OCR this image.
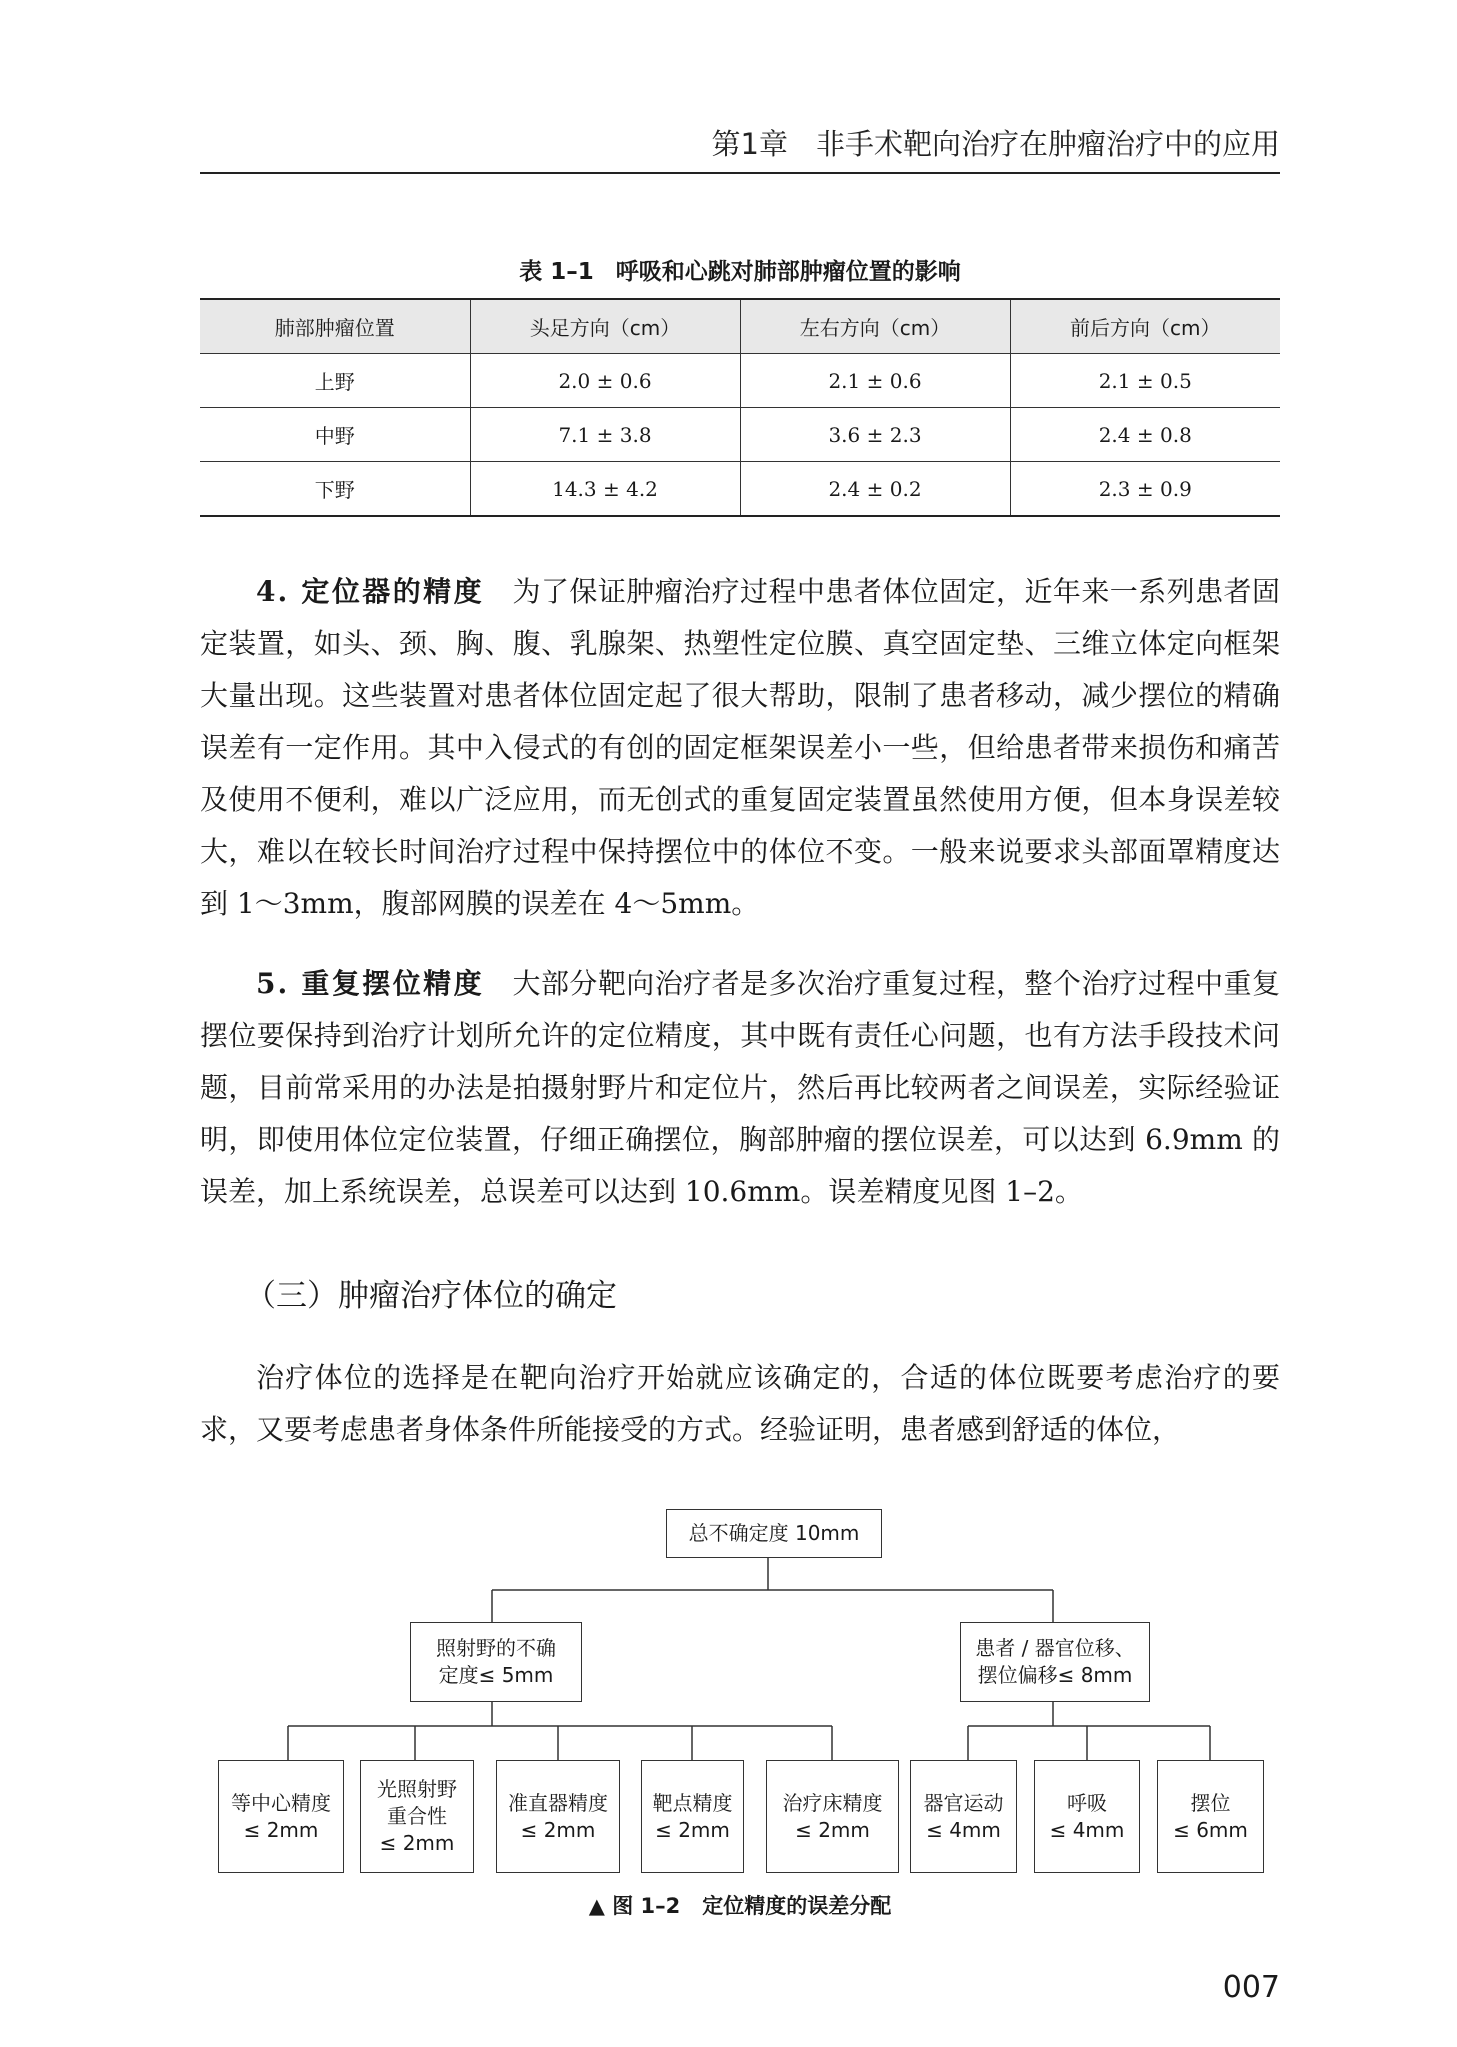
第1章 非手术靶向治疗在肿瘤治疗中的应用
表 1–1 呼吸和心跳对肺部肿瘤位置的影响
肺部肿瘤位置	头足方向（cm）	左右方向（cm）	前后方向（cm）
上野	2.0 ± 0.6	2.1 ± 0.6	2.1 ± 0.5
中野	7.1 ± 3.8	3.6 ± 2.3	2.4 ± 0.8
下野	14.3 ± 4.2	2.4 ± 0.2	2.3 ± 0.9

4. 定位器的精度 为了保证肿瘤治疗过程中患者体位固定，近年来一系列患者固定装置，如头、颈、胸、腹、乳腺架、热塑性定位膜、真空固定垫、三维立体定向框架大量出现。这些装置对患者体位固定起了很大帮助，限制了患者移动，减少摆位的精确误差有一定作用。其中入侵式的有创的固定框架误差小一些，但给患者带来损伤和痛苦及使用不便利，难以广泛应用，而无创式的重复固定装置虽然使用方便，但本身误差较大，难以在较长时间治疗过程中保持摆位中的体位不变。一般来说要求头部面罩精度达到 1～3mm，腹部网膜的误差在 4～5mm。

5. 重复摆位精度 大部分靶向治疗者是多次治疗重复过程，整个治疗过程中重复摆位要保持到治疗计划所允许的定位精度，其中既有责任心问题，也有方法手段技术问题，目前常采用的办法是拍摄射野片和定位片，然后再比较两者之间误差，实际经验证明，即使用体位定位装置，仔细正确摆位，胸部肿瘤的摆位误差，可以达到 6.9mm 的误差，加上系统误差，总误差可以达到 10.6mm。误差精度见图 1–2。

（三）肿瘤治疗体位的确定

治疗体位的选择是在靶向治疗开始就应该确定的，合适的体位既要考虑治疗的要求，又要考虑患者身体条件所能接受的方式。经验证明，患者感到舒适的体位，

总不确定度 10mm
照射野的不确
定度≤ 5mm
患者 / 器官位移、
摆位偏移≤ 8mm
等中心精度
≤ 2mm
光照射野
重合性
≤ 2mm
准直器精度
≤ 2mm
靶点精度
≤ 2mm
治疗床精度
≤ 2mm
器官运动
≤ 4mm
呼吸
≤ 4mm
摆位
≤ 6mm
▲ 图 1–2 定位精度的误差分配
007
